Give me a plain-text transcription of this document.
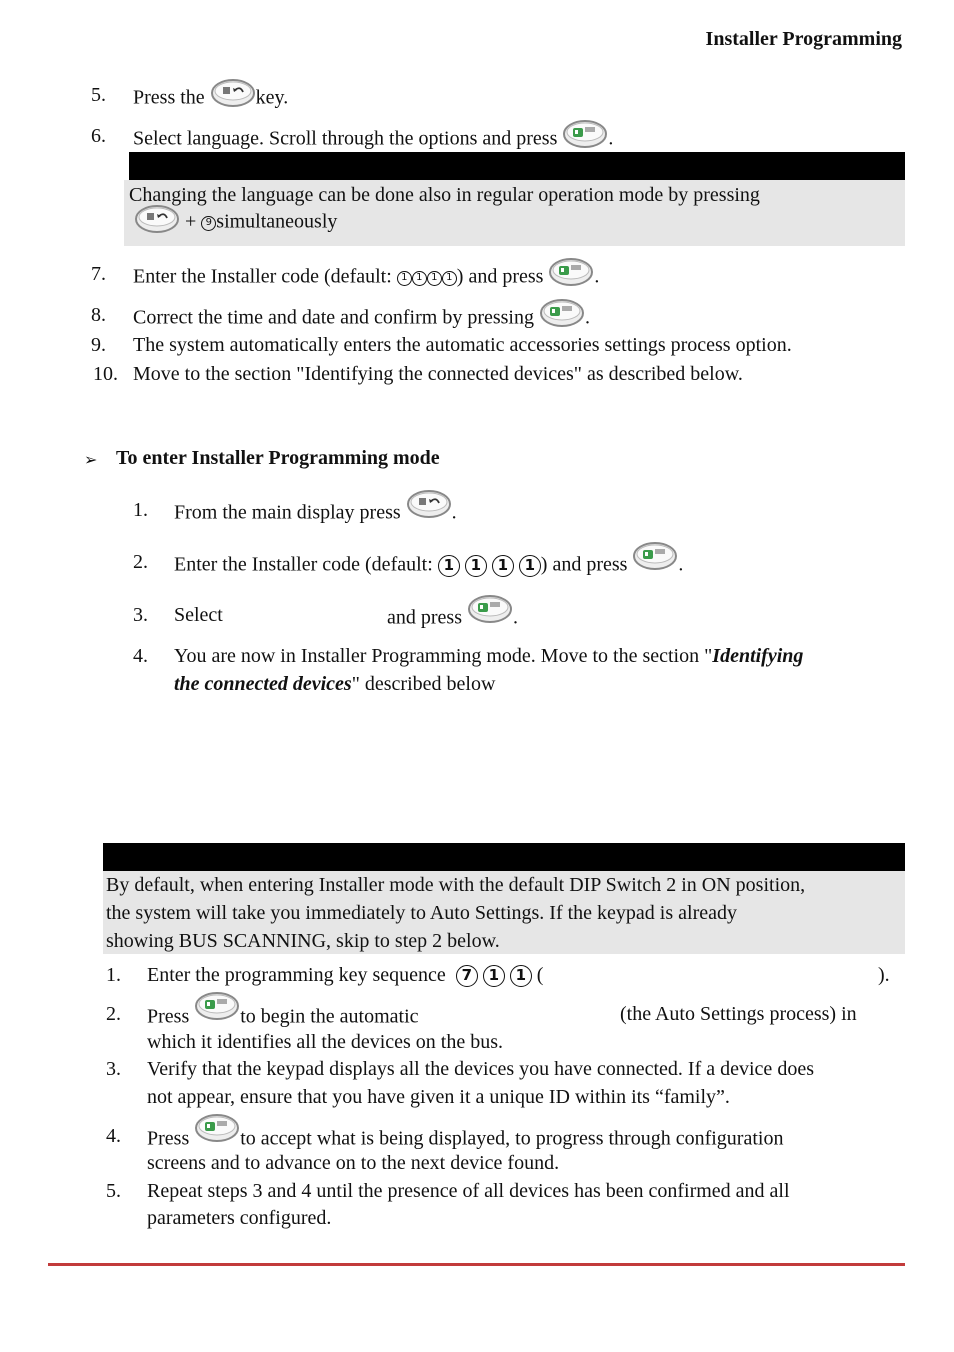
Installer Programming
5. Press the	key.
6. Select language. Scroll through the options and press	.
Changing the language can be done also in regular operation mode by pressing
+ 9 simultaneously
7. Enter the Installer code (default: 1 1 1 1 ) and press	.
8. Correct the time and date and confirm by pressing	.
9. The system automatically enters the automatic accessories settings process option.
10. Move to the section "Identifying the connected devices" as described below.
➢ To enter Installer Programming mode
1. From the main display press	.
2. Enter the Installer code (default: 1 1 1 1 ) and press	.
3. Select	and press	.
4. You are now in Installer Programming mode. Move to the section "Identifying
the connected devices" described below
By default, when entering Installer mode with the default DIP Switch 2 in ON position,
the system will take you immediately to Auto Settings. If the keypad is already
showing BUS SCANNING, skip to step 2 below.
1. Enter the programming key sequence 7 1 1 (	).
2. Press	to begin the automatic	(the Auto Settings process) in
which it identifies all the devices on the bus.
3. Verify that the keypad displays all the devices you have connected. If a device does
not appear, ensure that you have given it a unique ID within its “family”.
4. Press	to accept what is being displayed, to progress through configuration
screens and to advance on to the next device found.
5. Repeat steps 3 and 4 until the presence of all devices has been confirmed and all
parameters configured.
